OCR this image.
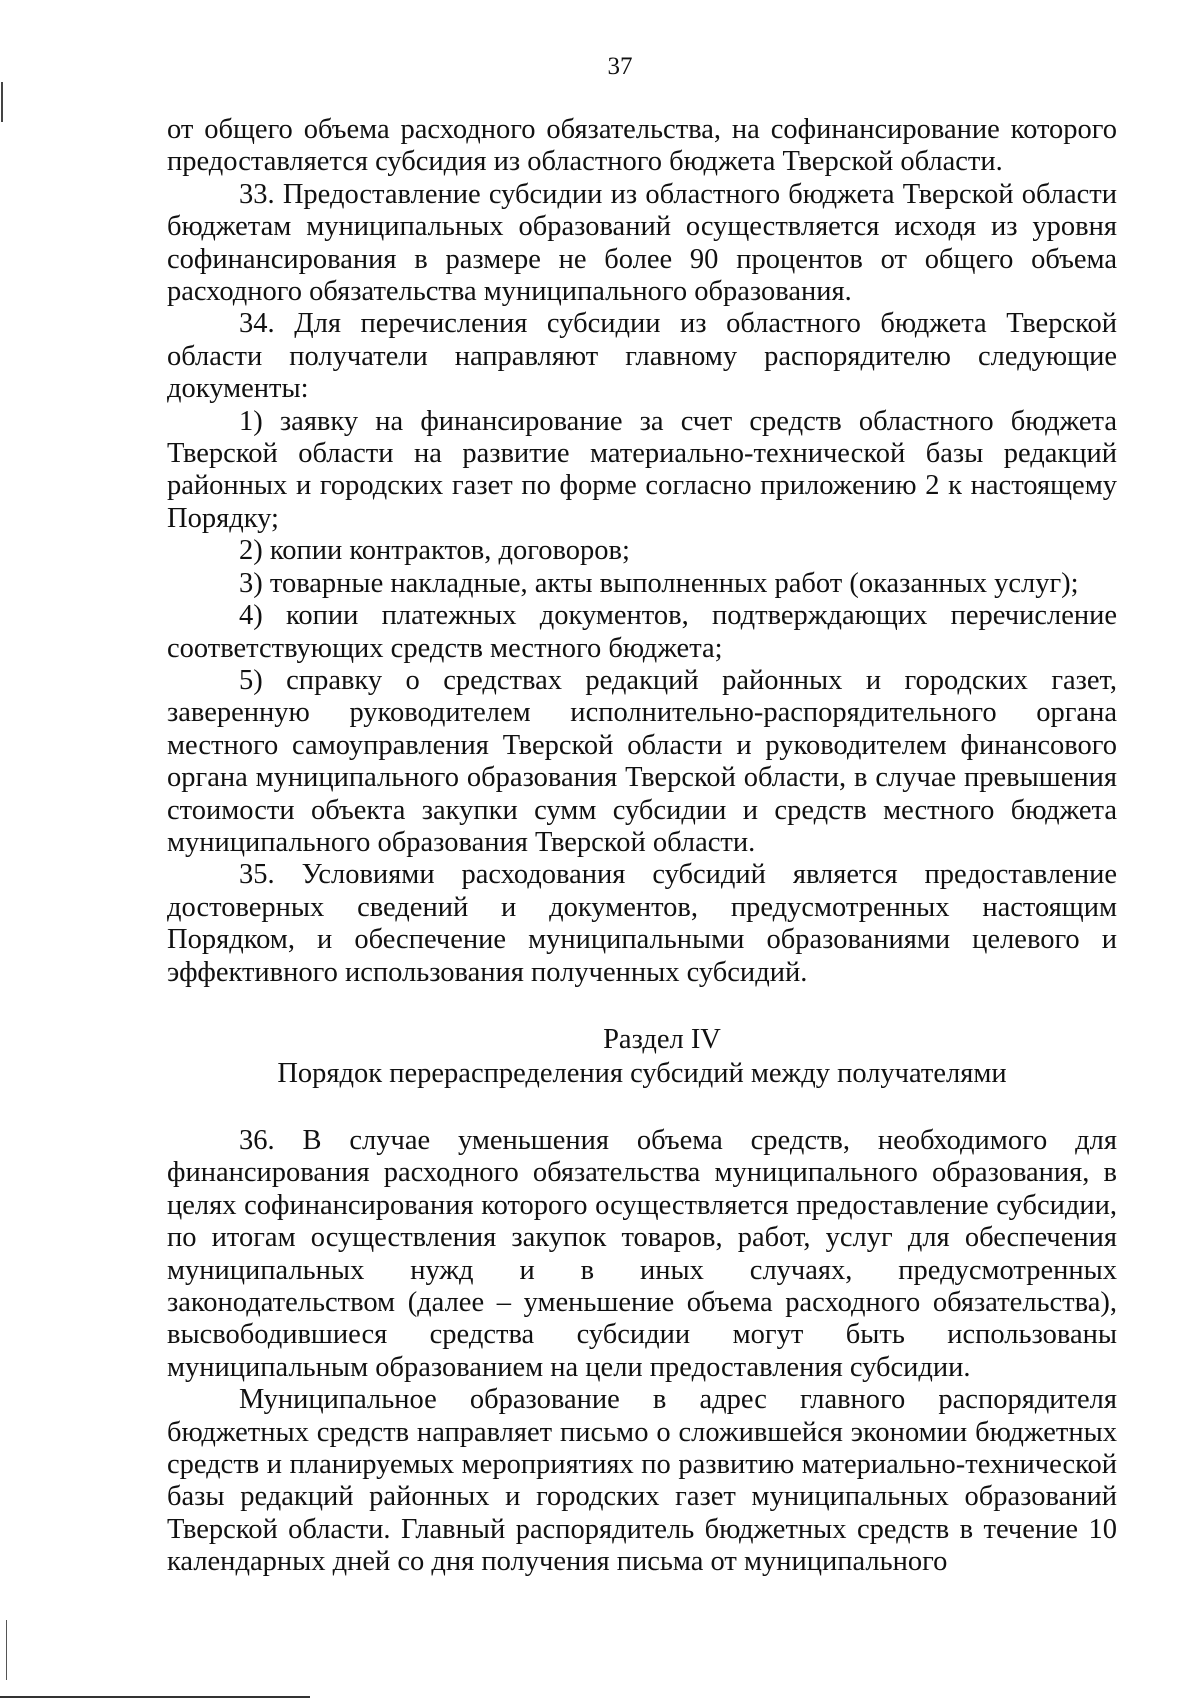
37

от общего объема расходного обязательства, на софинансирование которого предоставляется субсидия из областного бюджета Тверской области.

33. Предоставление субсидии из областного бюджета Тверской области бюджетам муниципальных образований осуществляется исходя из уровня софинансирования в размере не более 90 процентов от общего объема расходного обязательства муниципального образования.

34. Для перечисления субсидии из областного бюджета Тверской области получатели направляют главному распорядителю следующие документы:

1) заявку на финансирование за счет средств областного бюджета Тверской области на развитие материально-технической базы редакций районных и городских газет по форме согласно приложению 2 к настоящему Порядку;

2) копии контрактов, договоров;

3) товарные накладные, акты выполненных работ (оказанных услуг);

4) копии платежных документов, подтверждающих перечисление соответствующих средств местного бюджета;

5) справку о средствах редакций районных и городских газет, заверенную руководителем исполнительно-распорядительного органа местного самоуправления Тверской области и руководителем финансового органа муниципального образования Тверской области, в случае превышения стоимости объекта закупки сумм субсидии и средств местного бюджета муниципального образования Тверской области.

35. Условиями расходования субсидий является предоставление достоверных сведений и документов, предусмотренных настоящим Порядком, и обеспечение муниципальными образованиями целевого и эффективного использования полученных субсидий.

Раздел IV

Порядок перераспределения субсидий между получателями

36. В случае уменьшения объема средств, необходимого для финансирования расходного обязательства муниципального образования, в целях софинансирования которого осуществляется предоставление субсидии, по итогам осуществления закупок товаров, работ, услуг для обеспечения муниципальных нужд и в иных случаях, предусмотренных законодательством (далее – уменьшение объема расходного обязательства), высвободившиеся средства субсидии могут быть использованы муниципальным образованием на цели предоставления субсидии.

Муниципальное образование в адрес главного распорядителя бюджетных средств направляет письмо о сложившейся экономии бюджетных средств и планируемых мероприятиях по развитию материально-технической базы редакций районных и городских газет муниципальных образований Тверской области. Главный распорядитель бюджетных средств в течение 10 календарных дней со дня получения письма от муниципального
